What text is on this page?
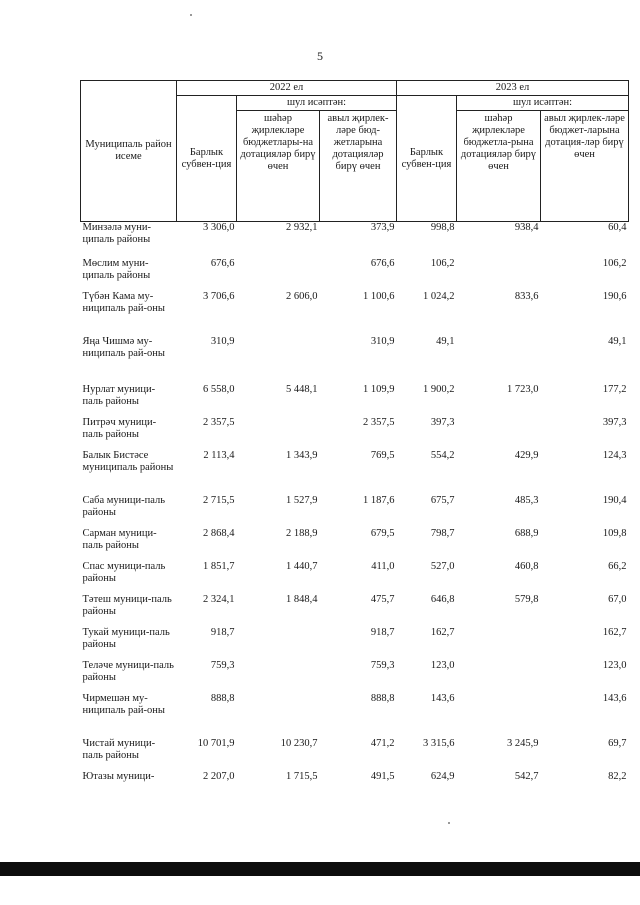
5
Муниципаль район исеме	2022 ел			2023 ел		
	Барлык субвен-ция	шул исәптән:		Барлык субвен-ция	шул исәптән:	
		шәһәр җирлекләре бюджетлары-на дотацияләр бирү өчен	авыл җирлек-ләре бюд-жетларына дотацияләр бирү өчен		шәһәр җирлекләре бюджетла-рына дотацияләр бирү өчен	авыл җирлек-ләре бюджет-ларына дотация-ләр бирү өчен
Минзәлә муни-ципаль районы	3 306,0	2 932,1	373,9	998,8	938,4	60,4
Мөслим муни-ципаль районы	676,6		676,6	106,2		106,2
Түбән Кама му-ниципаль рай-оны	3 706,6	2 606,0	1 100,6	1 024,2	833,6	190,6
Яңа Чишмә му-ниципаль рай-оны	310,9		310,9	49,1		49,1
Нурлат муници-паль районы	6 558,0	5 448,1	1 109,9	1 900,2	1 723,0	177,2
Питрәч муници-паль районы	2 357,5		2 357,5	397,3		397,3
Балык Бистәсе муниципаль районы	2 113,4	1 343,9	769,5	554,2	429,9	124,3
Саба муници-паль районы	2 715,5	1 527,9	1 187,6	675,7	485,3	190,4
Сарман муници-паль районы	2 868,4	2 188,9	679,5	798,7	688,9	109,8
Спас муници-паль районы	1 851,7	1 440,7	411,0	527,0	460,8	66,2
Тәтеш муници-паль районы	2 324,1	1 848,4	475,7	646,8	579,8	67,0
Тукай муници-паль районы	918,7		918,7	162,7		162,7
Теләче муници-паль районы	759,3		759,3	123,0		123,0
Чирмешән му-ниципаль рай-оны	888,8		888,8	143,6		143,6
Чистай муници-паль районы	10 701,9	10 230,7	471,2	3 315,6	3 245,9	69,7
Ютазы муници-	2 207,0	1 715,5	491,5	624,9	542,7	82,2
